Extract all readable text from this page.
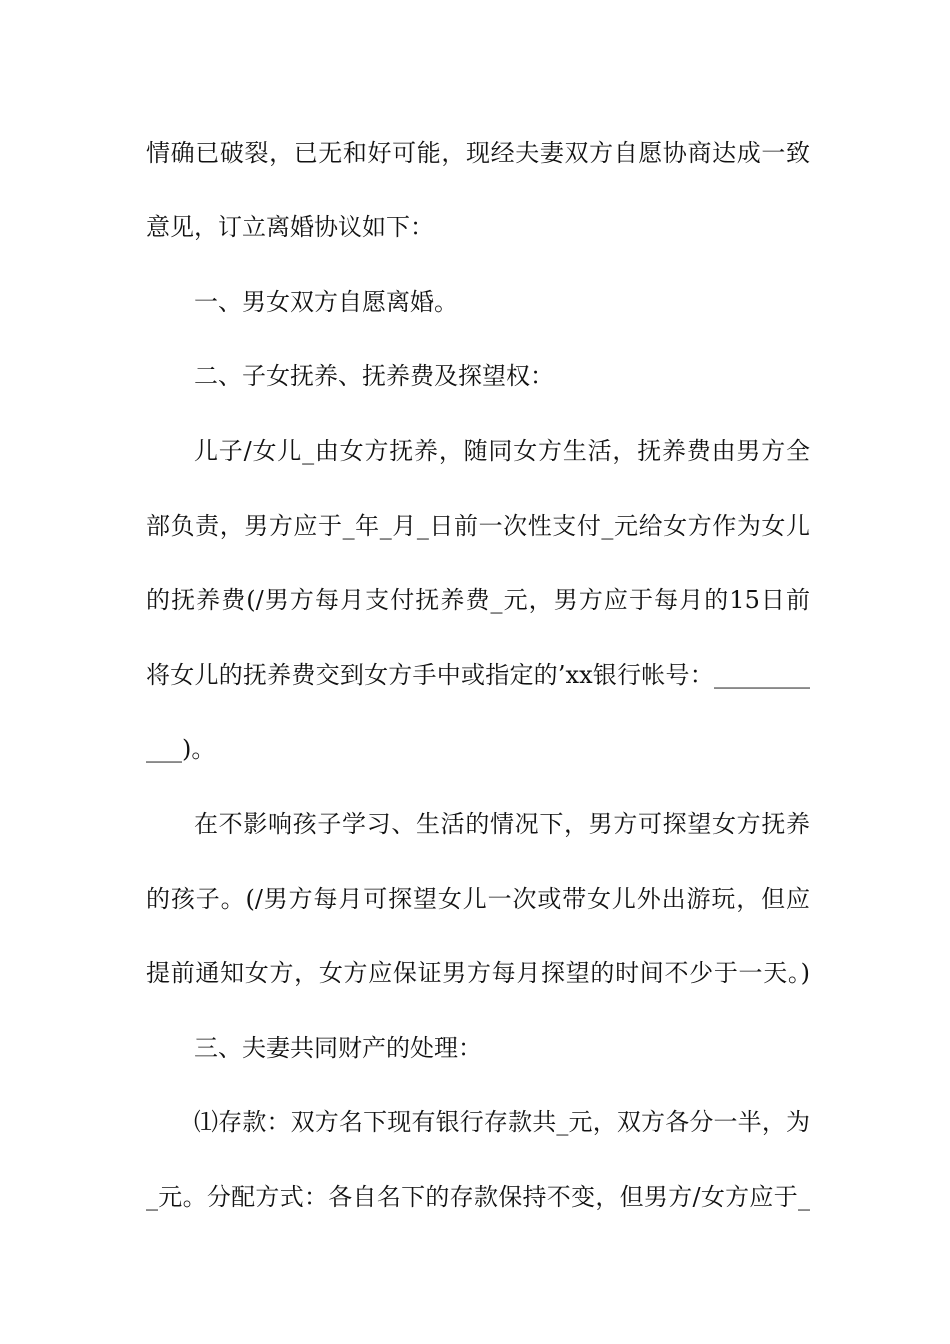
情确已破裂，已无和好可能，现经夫妻双方自愿协商达成一致

意见，订立离婚协议如下：

一、男女双方自愿离婚。

二、子女抚养、抚养费及探望权：

儿子/女儿_由女方抚养，随同女方生活，抚养费由男方全

部负责，男方应于_年_月_日前一次性支付_元给女方作为女儿

的抚养费(/男方每月支付抚养费_元，男方应于每月的15日前

将女儿的抚养费交到女方手中或指定的’xx银行帐号：________

___)。

在不影响孩子学习、生活的情况下，男方可探望女方抚养

的孩子。(/男方每月可探望女儿一次或带女儿外出游玩，但应

提前通知女方，女方应保证男方每月探望的时间不少于一天。)

三、夫妻共同财产的处理：

⑴存款：双方名下现有银行存款共_元，双方各分一半，为

_元。分配方式：各自名下的存款保持不变，但男方/女方应于_
